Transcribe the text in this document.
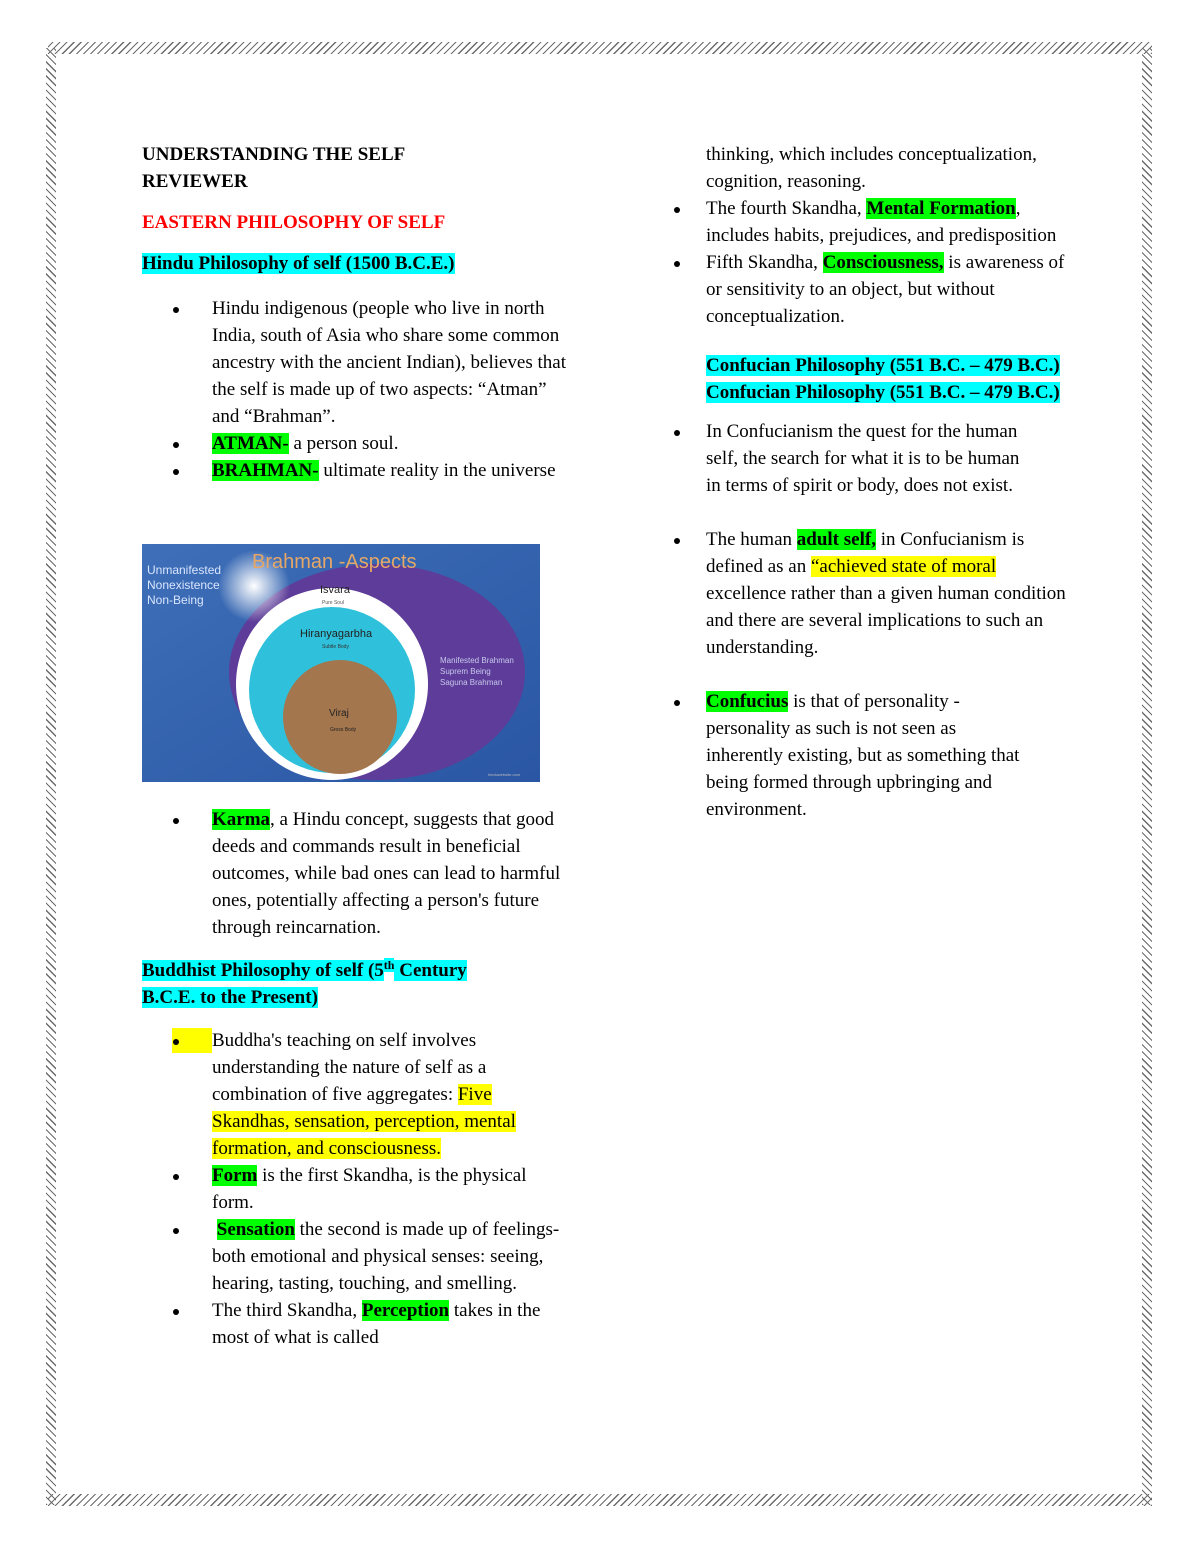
UNDERSTANDING THE SELF
REVIEWER

EASTERN PHILOSOPHY OF SELF

Hindu Philosophy of self (1500 B.C.E.)

Hindu indigenous (people who live in north India, south of Asia who share some common ancestry with the ancient Indian), believes that the self is made up of two aspects: “Atman” and “Brahman”.
ATMAN- a person soul.
BRAHMAN- ultimate reality in the universe
Brahman -Aspects
Unmanifested
Nonexistence
Non-Being
Isvara
Pure Soul
Hiranyagarbha
Subtle Body
Manifested Brahman
Suprem Being
Saguna Brahman
Viraj
Gross Body
hinduwebsite.com
Karma, a Hindu concept, suggests that good deeds and commands result in beneficial outcomes, while bad ones can lead to harmful ones, potentially affecting a person's future through reincarnation.

Buddhist Philosophy of self (5th Century
B.C.E. to the Present)

Buddha's teaching on self involves understanding the nature of self as a combination of five aggregates: Five Skandhas, sensation, perception, mental formation, and consciousness.
Form is the first Skandha, is the physical form.
Sensation the second is made up of feelings-both emotional and physical senses: seeing, hearing, tasting, touching, and smelling.
The third Skandha, Perception takes in the most of what is called

thinking, which includes conceptualization, cognition, reasoning.

The fourth Skandha, Mental Formation, includes habits, prejudices, and predisposition
Fifth Skandha, Consciousness, is awareness of or sensitivity to an object, but without conceptualization.

Confucian Philosophy (551 B.C. – 479 B.C.) Confucian Philosophy (551 B.C. – 479 B.C.)

In Confucianism the quest for the human self, the search for what it is to be human in terms of spirit or body, does not exist.
The human adult self, in Confucianism is defined as an “achieved state of moral excellence rather than a given human condition and there are several implications to such an understanding.
Confucius is that of personality - personality as such is not seen as inherently existing, but as something that being formed through upbringing and environment.
